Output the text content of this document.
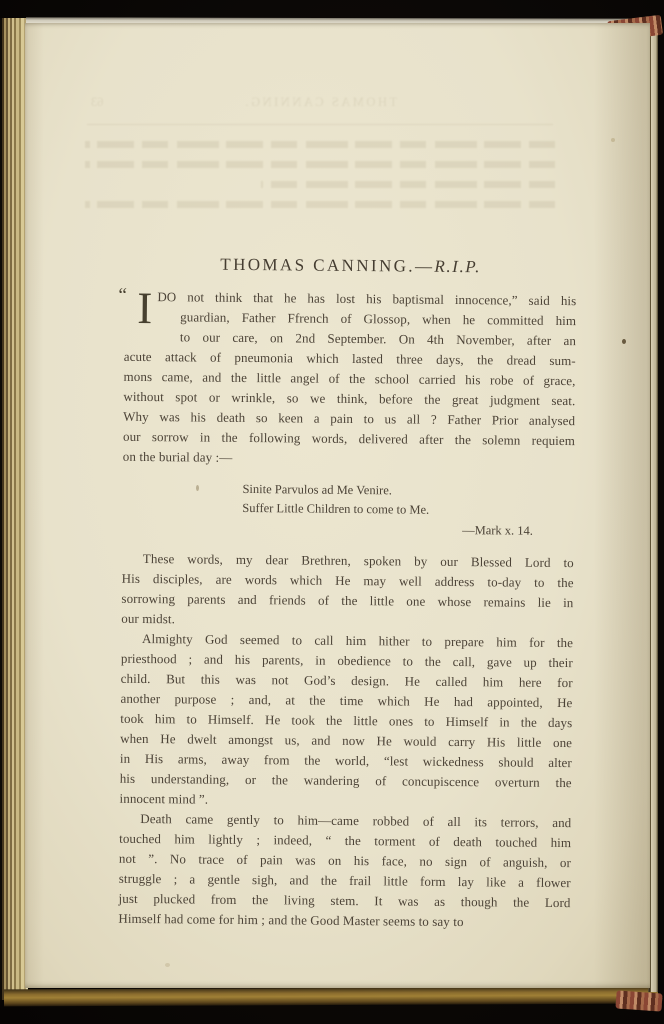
THOMAS CANNING.
63
THOMAS CANNING.—R.I.P.
“ I DO not think that he has lost his baptismal innocence,” said his
guardian, Father Ffrench of Glossop, when he committed him
to our care, on 2nd September. On 4th November, after an
acute attack of pneumonia which lasted three days, the dread sum-
mons came, and the little angel of the school carried his robe of grace,
without spot or wrinkle, so we think, before the great judgment seat.
Why was his death so keen a pain to us all ? Father Prior analysed
our sorrow in the following words, delivered after the solemn requiem
on the burial day :—
Sinite Parvulos ad Me Venire.
Suffer Little Children to come to Me.
—Mark x. 14.
These words, my dear Brethren, spoken by our Blessed Lord to
His disciples, are words which He may well address to-day to the
sorrowing parents and friends of the little one whose remains lie in
our midst.
Almighty God seemed to call him hither to prepare him for the
priesthood ; and his parents, in obedience to the call, gave up their
child. But this was not God’s design. He called him here for
another purpose ; and, at the time which He had appointed, He
took him to Himself. He took the little ones to Himself in the days
when He dwelt amongst us, and now He would carry His little one
in His arms, away from the world, “lest wickedness should alter
his understanding, or the wandering of concupiscence overturn the
innocent mind ”.
Death came gently to him—came robbed of all its terrors, and
touched him lightly ; indeed, “ the torment of death touched him
not ”. No trace of pain was on his face, no sign of anguish, or
struggle ; a gentle sigh, and the frail little form lay like a flower
just plucked from the living stem. It was as though the Lord
Himself had come for him ; and the Good Master seems to say to
